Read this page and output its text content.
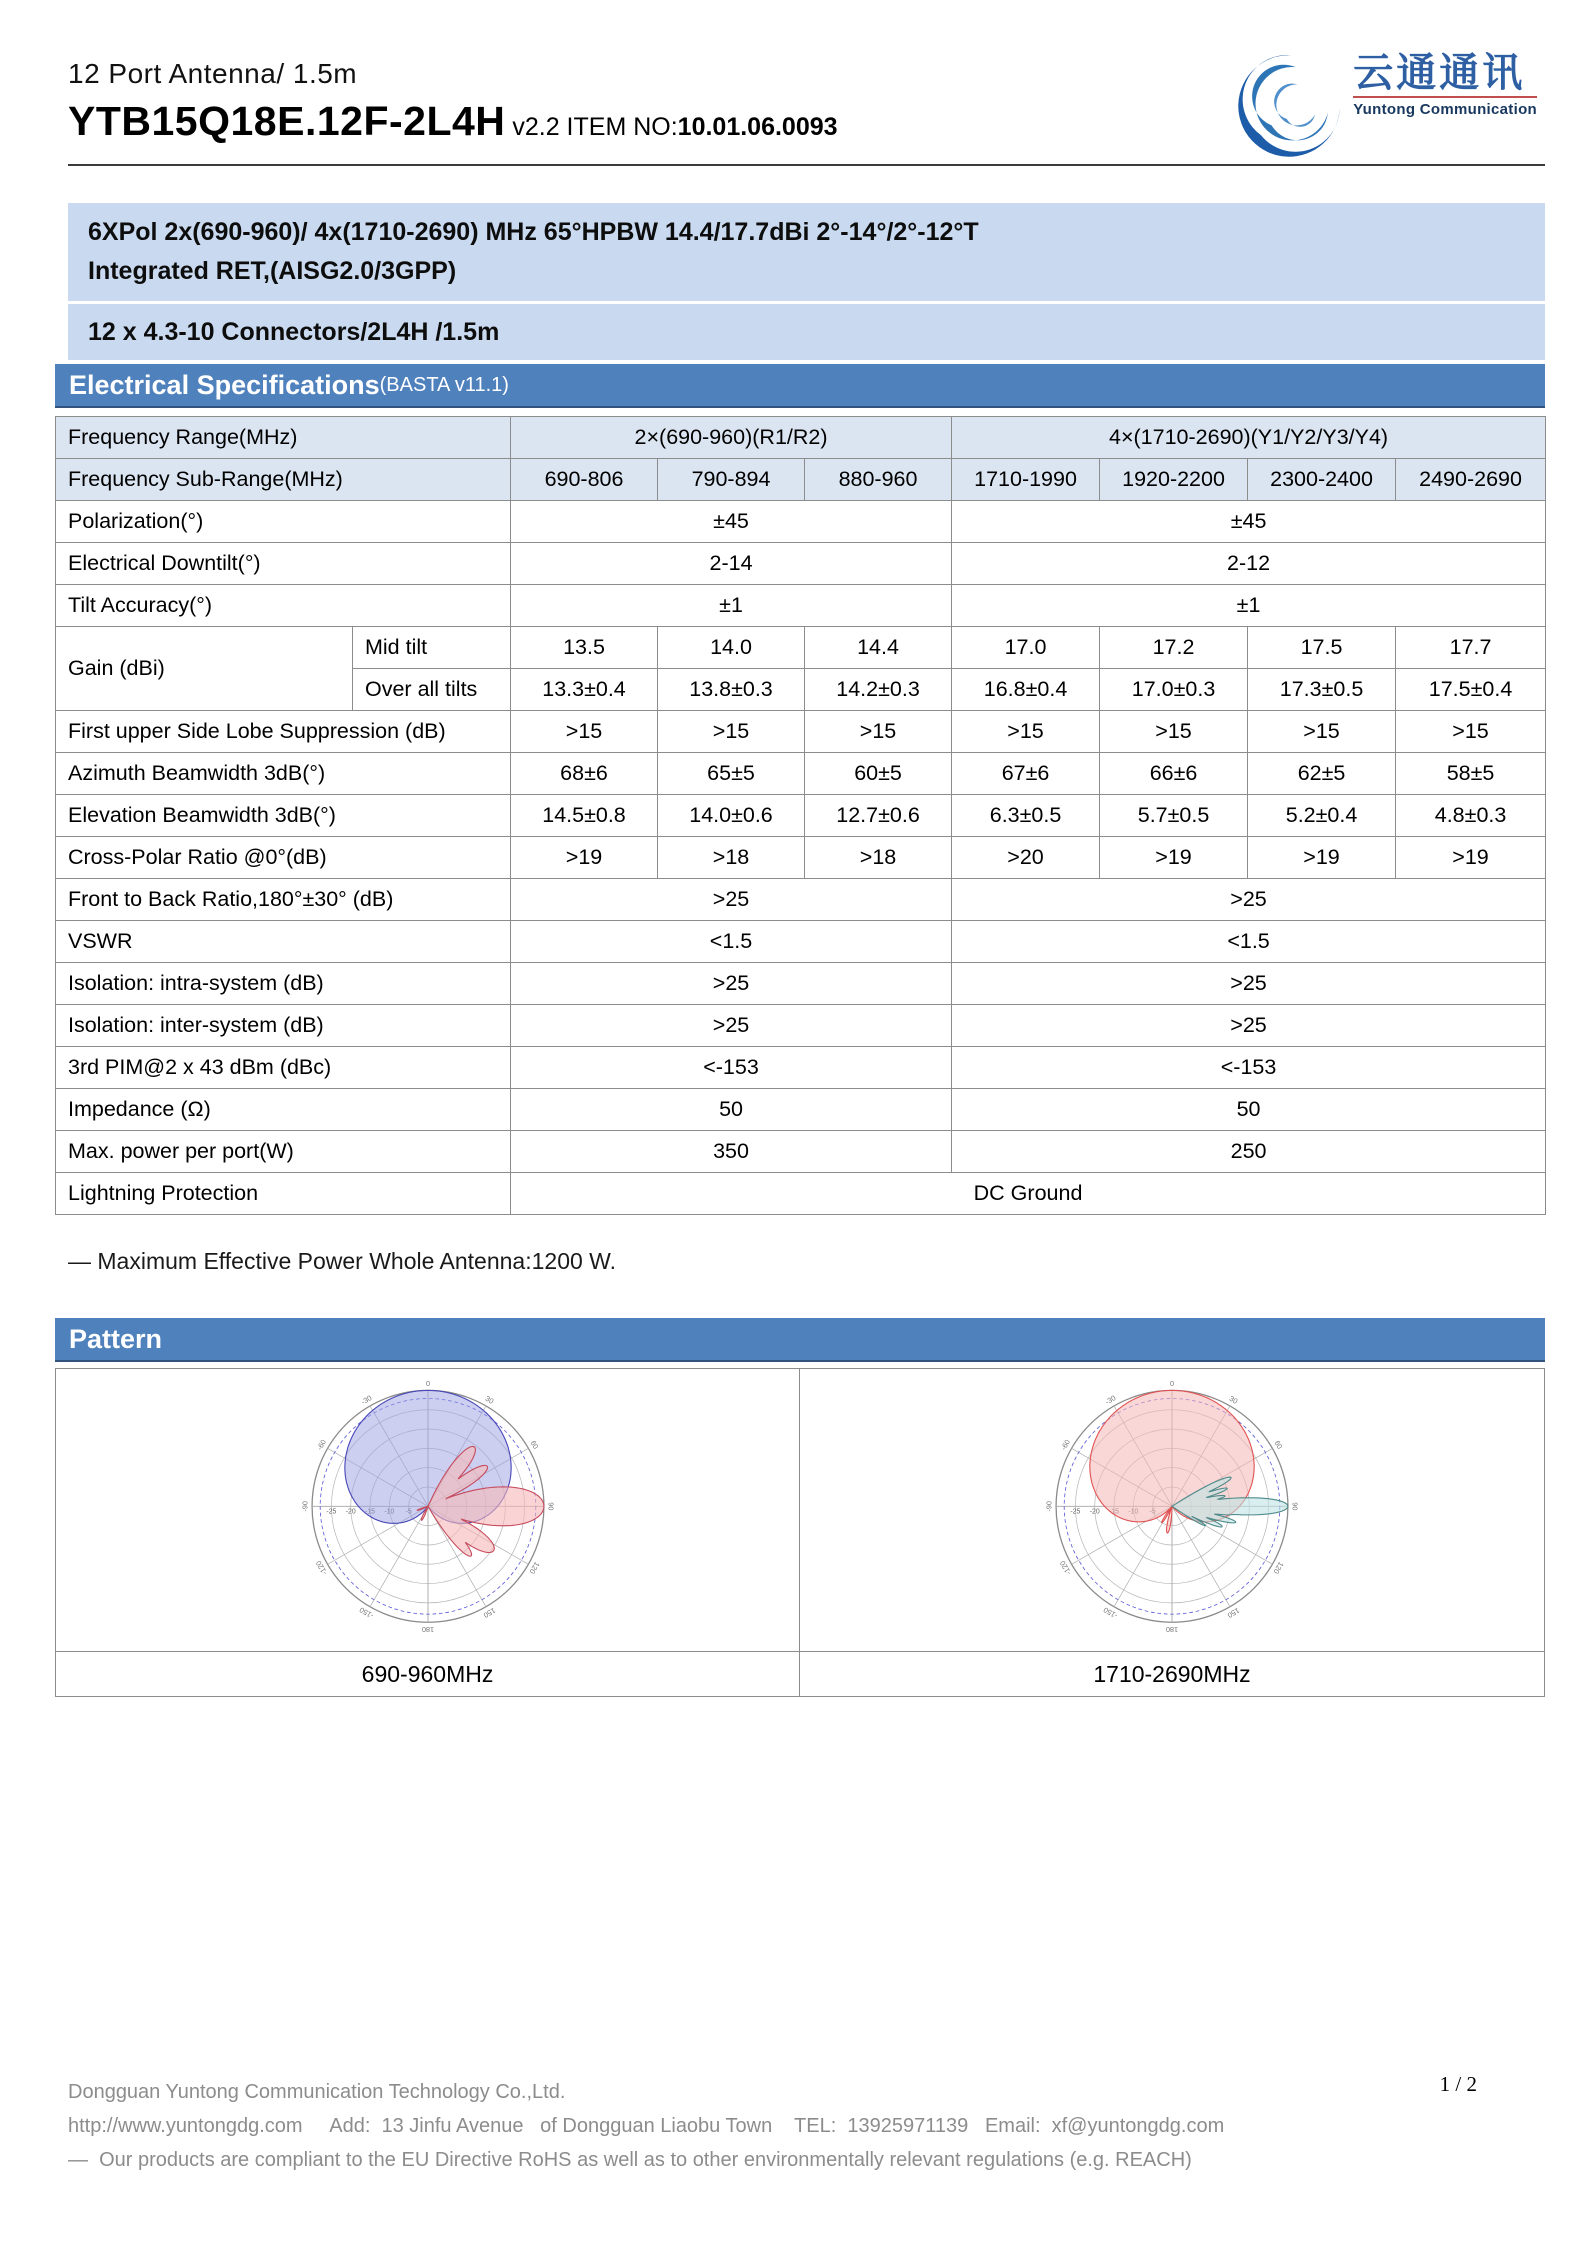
12 Port Antenna/ 1.5m
YTB15Q18E.12F-2L4H v2.2 ITEM NO:10.01.06.0093
云通通讯
Yuntong Communication
6XPol 2x(690-960)/ 4x(1710-2690) MHz 65°HPBW 14.4/17.7dBi 2°-14°/2°-12°T
Integrated RET,(AISG2.0/3GPP)
12 x 4.3-10 Connectors/2L4H /1.5m
Electrical Specifications (BASTA v11.1)
Frequency Range(MHz)		2×(690-960)(R1/R2)			4×(1710-2690)(Y1/Y2/Y3/Y4)			
Frequency Sub-Range(MHz)		690-806	790-894	880-960	1710-1990	1920-2200	2300-2400	2490-2690
Polarization(°)		±45			±45			
Electrical Downtilt(°)		2-14			2-12			
Tilt Accuracy(°)		±1			±1			
Gain (dBi)	Mid tilt	13.5	14.0	14.4	17.0	17.2	17.5	17.7
	Over all tilts	13.3±0.4	13.8±0.3	14.2±0.3	16.8±0.4	17.0±0.3	17.3±0.5	17.5±0.4
First upper Side Lobe Suppression (dB)		>15	>15	>15	>15	>15	>15	>15
Azimuth Beamwidth 3dB(°)		68±6	65±5	60±5	67±6	66±6	62±5	58±5
Elevation Beamwidth 3dB(°)		14.5±0.8	14.0±0.6	12.7±0.6	6.3±0.5	5.7±0.5	5.2±0.4	4.8±0.3
Cross-Polar Ratio @0°(dB)		>19	>18	>18	>20	>19	>19	>19
Front to Back Ratio,180°±30° (dB)		>25			>25			
VSWR		<1.5			<1.5			
Isolation: intra-system (dB)		>25			>25			
Isolation: inter-system (dB)		>25			>25			
3rd PIM@2 x 43 dBm (dBc)		<-153			<-153			
Impedance (Ω)		50			50			
Max. power per port(W)		350			250			
Lightning Protection		DC Ground						
— Maximum Effective Power Whole Antenna:1200 W.
Pattern
0
30
60
90
120
150
180
-150
-120
-90
-60
-30
-20
-25
0
30
60
90
120
150
180
-150
-120
-90
-60
-30
-20
-25
690-960MHz	1710-2690MHz
Dongguan Yuntong Communication Technology Co.,Ltd.
http://www.yuntongdg.com     Add:  13 Jinfu Avenue   of Dongguan Liaobu Town    TEL:  13925971139   Email:  xf@yuntongdg.com
—  Our products are compliant to the EU Directive RoHS as well as to other environmentally relevant regulations (e.g. REACH)
1 / 2
